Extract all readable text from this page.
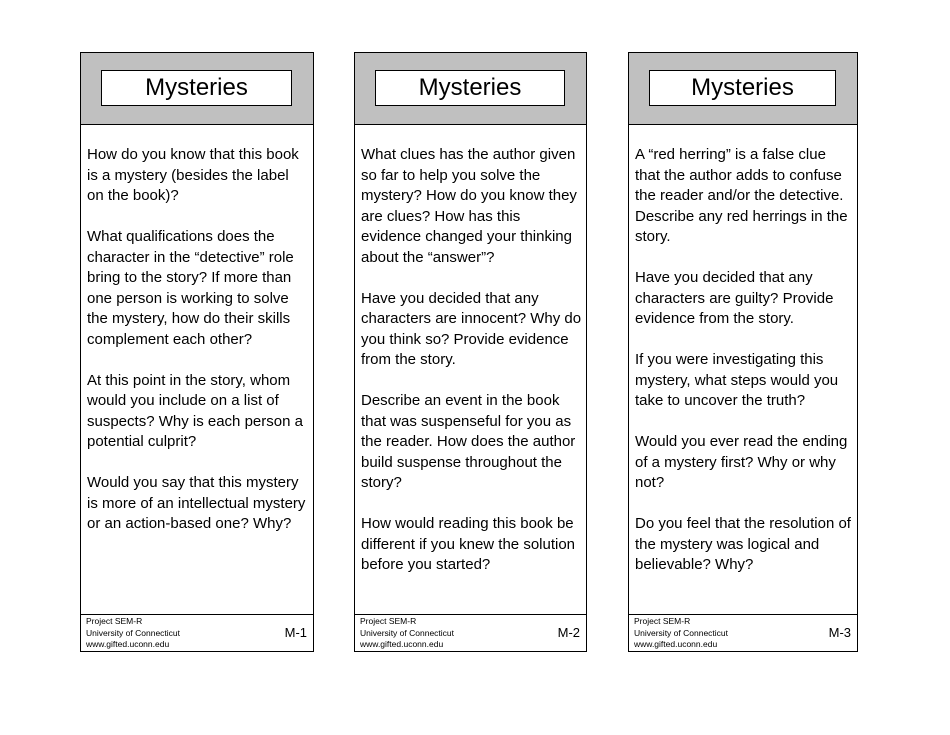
Mysteries

How do you know that this book is a mystery (besides the label on the book)?

What qualifications does the character in the “detective” role bring to the story? If more than one person is working to solve the mystery, how do their skills complement each other?

At this point in the story, whom would you include on a list of suspects? Why is each person a potential culprit?

Would you say that this mystery is more of an intellectual mystery or an action-based one? Why?

Project SEM-R
University of Connecticut
www.gifted.uconn.edu
M-1
Mysteries

What clues has the author given so far to help you solve the mystery? How do you know they are clues? How has this evidence changed your thinking about the “answer”?

Have you decided that any characters are innocent? Why do you think so? Provide evidence from the story.

Describe an event in the book that was suspenseful for you as the reader. How does the author build suspense throughout the story?

How would reading this book be different if you knew the solution before you started?

Project SEM-R
University of Connecticut
www.gifted.uconn.edu
M-2
Mysteries

A “red herring” is a false clue that the author adds to confuse the reader and/or the detective. Describe any red herrings in the story.

Have you decided that any characters are guilty? Provide evidence from the story.

If you were investigating this mystery, what steps would you take to uncover the truth?

Would you ever read the ending of a mystery first? Why or why not?

Do you feel that the resolution of the mystery was logical and believable? Why?

Project SEM-R
University of Connecticut
www.gifted.uconn.edu
M-3
